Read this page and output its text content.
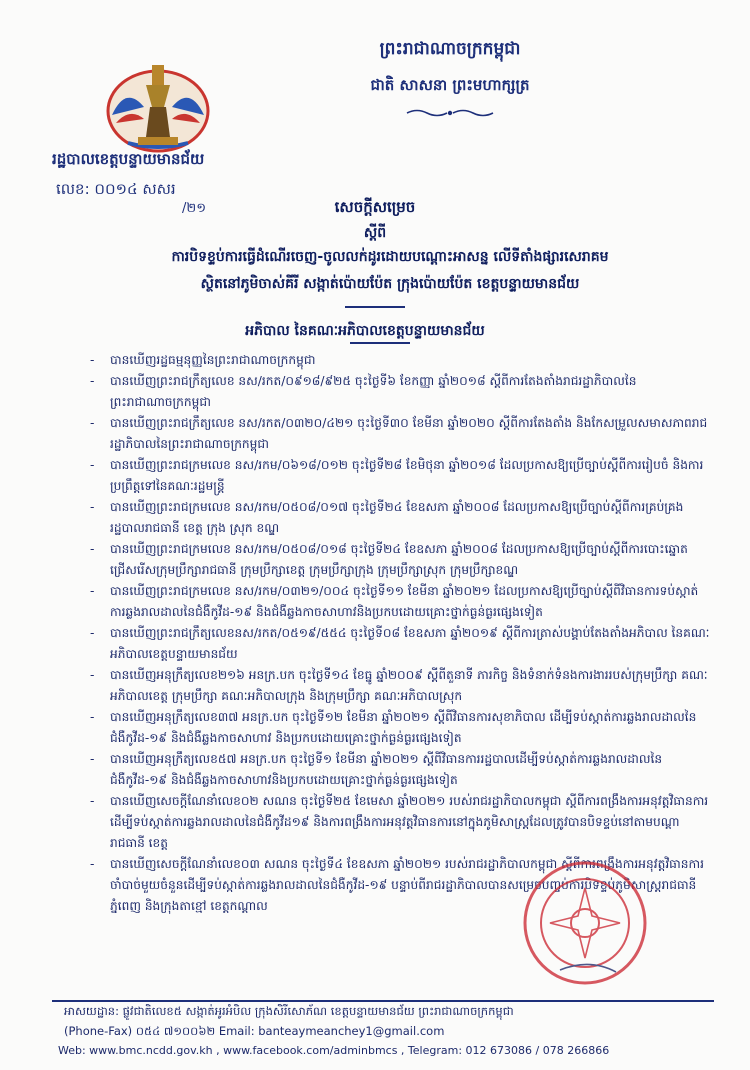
ព្រះរាជាណាចក្រកម្ពុជា
ជាតិ សាសនា ព្រះមហាក្សត្រ
រដ្ឋបាលខេត្តបន្ទាយមានជ័យ
លេខ: ០០១៤ សសរ
/២១	សេចក្តីសម្រេច
ស្តីពី
ការបិទខ្ទប់ការធ្វើដំណើរចេញ-ចូលលក់ដូរដោយបណ្តោះអាសន្ន លើទីតាំងផ្សារសេរាគម
ស្ថិតនៅភូមិចាស់គីរី សង្កាត់ប៉ោយប៉ែត ក្រុងប៉ោយប៉ែត ខេត្តបន្ទាយមានជ័យ
អភិបាល នៃគណៈអភិបាលខេត្តបន្ទាយមានជ័យ
- បានឃើញរដ្ឋធម្មនុញ្ញនៃព្រះរាជាណាចក្រកម្ពុជា
- បានឃើញព្រះរាជក្រឹត្យលេខ នស/រកត/០៩១៨/៩២៥ ចុះថ្ងៃទី៦ ខែកញ្ញា ឆ្នាំ២០១៨ ស្តីពីការតែងតាំងរាជរដ្ឋាភិបាលនៃព្រះរាជាណាចក្រកម្ពុជា
- បានឃើញព្រះរាជក្រឹត្យលេខ នស/រកត/០៣២០/៤២១ ចុះថ្ងៃទី៣០ ខែមីនា ឆ្នាំ២០២០ ស្តីពីការតែងតាំង និងកែសម្រួលសមាសភាពរាជរដ្ឋាភិបាលនៃព្រះរាជាណាចក្រកម្ពុជា
- បានឃើញព្រះរាជក្រមលេខ នស/រកម/០៦១៨/០១២ ចុះថ្ងៃទី២៨ ខែមិថុនា ឆ្នាំ២០១៨ ដែលប្រកាសឱ្យប្រើច្បាប់ស្តីពីការរៀបចំ និងការប្រព្រឹត្តទៅនៃគណៈរដ្ឋមន្ត្រី
- បានឃើញព្រះរាជក្រមលេខ នស/រកម/០៥០៨/០១៧ ចុះថ្ងៃទី២៤ ខែឧសភា ឆ្នាំ២០០៨ ដែលប្រកាសឱ្យប្រើច្បាប់ស្តីពីការគ្រប់គ្រងរដ្ឋបាលរាជធានី ខេត្ត ក្រុង ស្រុក ខណ្ឌ
- បានឃើញព្រះរាជក្រមលេខ នស/រកម/០៥០៨/០១៨ ចុះថ្ងៃទី២៤ ខែឧសភា ឆ្នាំ២០០៨ ដែលប្រកាសឱ្យប្រើច្បាប់ស្តីពីការបោះឆ្នោតជ្រើសរើសក្រុមប្រឹក្សារាជធានី ក្រុមប្រឹក្សាខេត្ត ក្រុមប្រឹក្សាក្រុង ក្រុមប្រឹក្សាស្រុក ក្រុមប្រឹក្សាខណ្ឌ
- បានឃើញព្រះរាជក្រមលេខ នស/រកម/០៣២១/០០៤ ចុះថ្ងៃទី១១ ខែមីនា ឆ្នាំ២០២១ ដែលប្រកាសឱ្យប្រើច្បាប់ស្តីពីវិធានការទប់ស្កាត់ការឆ្លងរាលដាលនៃជំងឺកូវីដ-១៩ និងជំងឺឆ្លងកាចសាហាវនិងប្រកបដោយគ្រោះថ្នាក់ធ្ងន់ធ្ងរផ្សេងទៀត
- បានឃើញព្រះរាជក្រឹត្យលេខនស/រកត/០៥១៩/៥៥៤ ចុះថ្ងៃទី០៨ ខែឧសភា ឆ្នាំ២០១៩ ស្តីពីការត្រាស់បង្គាប់តែងតាំងអភិបាល នៃគណៈអភិបាលខេត្តបន្ទាយមានជ័យ
- បានឃើញអនុក្រឹត្យលេខ២១៦ អនក្រ.បក ចុះថ្ងៃទី១៤ ខែធ្នូ ឆ្នាំ២០០៩ ស្តីពីតួនាទី ភារកិច្ច និងទំនាក់ទំនងការងាររបស់ក្រុមប្រឹក្សា គណៈអភិបាលខេត្ត ក្រុមប្រឹក្សា គណៈអភិបាលក្រុង និងក្រុមប្រឹក្សា គណៈអភិបាលស្រុក
- បានឃើញអនុក្រឹត្យលេខ៣៧ អនក្រ.បក ចុះថ្ងៃទី១២ ខែមីនា ឆ្នាំ២០២១ ស្តីពីវិធានការសុខាភិបាល ដើម្បីទប់ស្កាត់ការឆ្លងរាលដាលនៃជំងឺកូវីដ-១៩ និងជំងឺឆ្លងកាចសាហាវ និងប្រកបដោយគ្រោះថ្នាក់ធ្ងន់ធ្ងរផ្សេងទៀត
- បានឃើញអនុក្រឹត្យលេខ៥៧ អនក្រ.បក ចុះថ្ងៃទី១ ខែមីនា ឆ្នាំ២០២១ ស្តីពីវិធានការរដ្ឋបាលដើម្បីទប់ស្កាត់ការឆ្លងរាលដាលនៃជំងឺកូវីដ-១៩ និងជំងឺឆ្លងកាចសាហាវនិងប្រកបដោយគ្រោះថ្នាក់ធ្ងន់ធ្ងរផ្សេងទៀត
- បានឃើញសេចក្តីណែនាំលេខ០២ សណន ចុះថ្ងៃទី២៥ ខែមេសា ឆ្នាំ២០២១ របស់រាជរដ្ឋាភិបាលកម្ពុជា ស្តីពីការពង្រឹងការអនុវត្តវិធានការដើម្បីទប់ស្កាត់ការឆ្លងរាលដាលនៃជំងឺកូវីដ១៩ និងការពង្រឹងការអនុវត្តវិធានការនៅក្នុងភូមិសាស្ត្រដែលត្រូវបានបិទខ្ទប់នៅតាមបណ្តារាជធានី ខេត្ត
- បានឃើញសេចក្តីណែនាំលេខ០៣ សណន ចុះថ្ងៃទី៤ ខែឧសភា ឆ្នាំ២០២១ របស់រាជរដ្ឋាភិបាលកម្ពុជា ស្តីពីការពង្រឹងការអនុវត្តវិធានការចាំបាច់មួយចំនួនដើម្បីទប់ស្កាត់ការឆ្លងរាលដាលនៃជំងឺកូវីដ-១៩ បន្ទាប់ពីរាជរដ្ឋាភិបាលបានសម្រេចបញ្ចប់ការបិទខ្ទប់ភូមិសាស្ត្ររាជធានីភ្នំពេញ និងក្រុងតាខ្មៅ ខេត្តកណ្តាល
អាសយដ្ឋាន: ផ្លូវជាតិលេខ៥ សង្កាត់អូរអំបិល ក្រុងសិរីសោភ័ណ ខេត្តបន្ទាយមានជ័យ ព្រះរាជាណាចក្រកម្ពុជា
(Phone-Fax) ០៥៤ ៧១០០៦២ Email: banteaymeanchey1@gmail.com
Web: www.bmc.ncdd.gov.kh , www.facebook.com/adminbmcs , Telegram: 012 673086 / 078 266866
